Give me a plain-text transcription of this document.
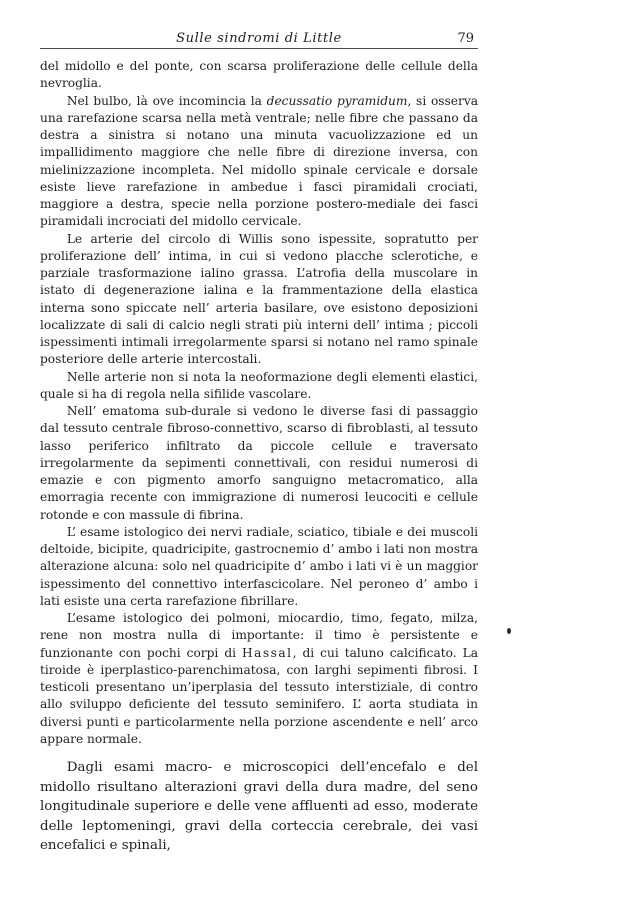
Sulle sindromi di Little	79

del midollo e del ponte, con scarsa proliferazione delle cellule della nevroglia.

Nel bulbo, là ove incomincia la decussatio pyramidum, si osserva una rarefazione scarsa nella metà ventrale; nelle fibre che passano da destra a sinistra si notano una minuta vacuolizzazione ed un impallidimento maggiore che nelle fibre di direzione inversa, con mielinizzazione incompleta. Nel midollo spinale cervicale e dorsale esiste lieve rarefazione in ambedue i fasci piramidali crociati, maggiore a destra, specie nella porzione postero-mediale dei fasci piramidali incrociati del midollo cervicale.

Le arterie del circolo di Willis sono ispessite, sopratutto per proliferazione dell’ intima, in cui si vedono placche sclerotiche, e parziale trasformazione ialino grassa. L’atrofia della muscolare in istato di degenerazione ialina e la frammentazione della elastica interna sono spiccate nell’ arteria basilare, ove esistono deposizioni localizzate di sali di calcio negli strati più interni dell’ intima ; piccoli ispessimenti intimali irregolarmente sparsi si notano nel ramo spinale posteriore delle arterie intercostali.

Nelle arterie non si nota la neoformazione degli elementi elastici, quale si ha di regola nella sifilide vascolare.

Nell’ ematoma sub-durale si vedono le diverse fasi di passaggio dal tessuto centrale fibroso-connettivo, scarso di fibroblasti, al tessuto lasso periferico infiltrato da piccole cellule e traversato irregolarmente da sepimenti connettivali, con residui numerosi di emazie e con pigmento amorfo sanguigno metacromatico, alla emorragia recente con immigrazione di numerosi leucociti e cellule rotonde e con massule di fibrina.

L’ esame istologico dei nervi radiale, sciatico, tibiale e dei muscoli deltoide, bicipite, quadricipite, gastrocnemio d’ ambo i lati non mostra alterazione alcuna: solo nel quadricipite d’ ambo i lati vi è un maggior ispessimento del connettivo interfascicolare. Nel peroneo d’ ambo i lati esiste una certa rarefazione fibrillare.

L’esame istologico dei polmoni, miocardio, timo, fegato, milza, rene non mostra nulla di importante: il timo è persistente e funzionante con pochi corpi di Hassal, di cui taluno calcificato. La tiroide è iperplastico-parenchimatosa, con larghi sepimenti fibrosi. I testicoli presentano un’iperplasia del tessuto interstiziale, di contro allo sviluppo deficiente del tessuto seminifero. L’ aorta studiata in diversi punti e particolarmente nella porzione ascendente e nell’ arco appare normale.

Dagli esami macro- e microscopici dell’encefalo e del midollo risultano alterazioni gravi della dura madre, del seno longitudinale superiore e delle vene affluenti ad esso, moderate delle leptomeningi, gravi della corteccia cerebrale, dei vasi encefalici e spinali,
